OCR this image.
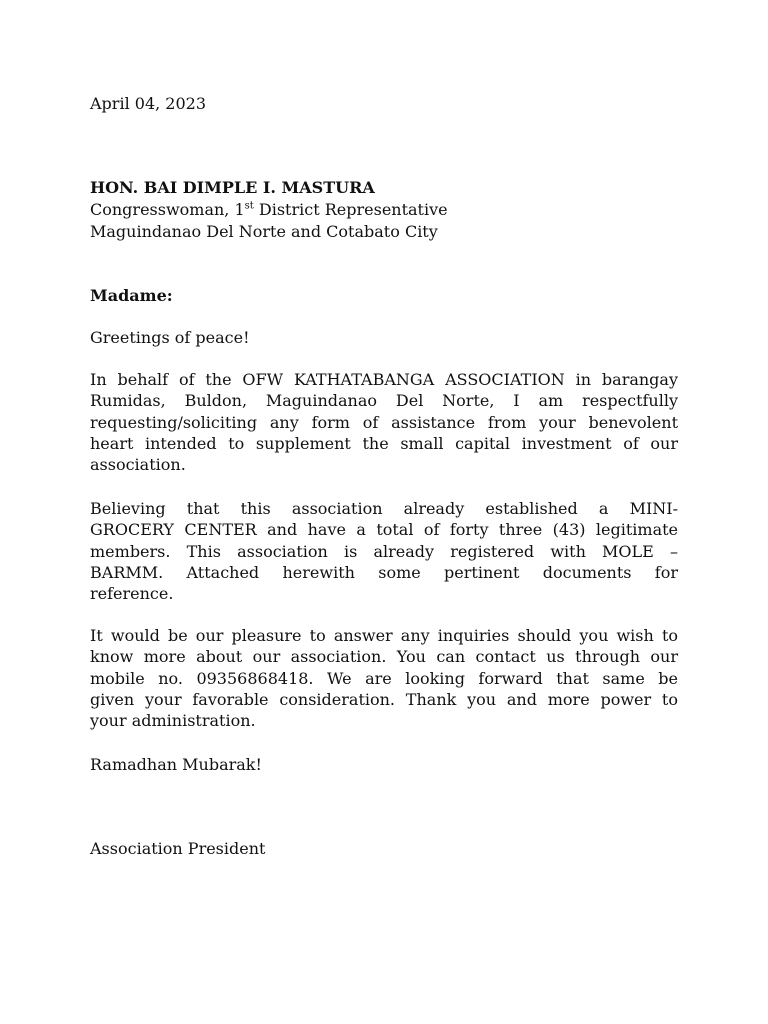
April 04, 2023
HON. BAI DIMPLE I. MASTURA
Congresswoman, 1st District Representative
Maguindanao Del Norte and Cotabato City
Madame:
Greetings of peace!
In behalf of the OFW KATHATABANGA ASSOCIATION in barangay
Rumidas, Buldon, Maguindanao Del Norte, I am respectfully
requesting/soliciting any form of assistance from your benevolent
heart intended to supplement the small capital investment of our
association.
Believing that this association already established a MINI-
GROCERY CENTER and have a total of forty three (43) legitimate
members. This association is already registered with MOLE –
BARMM. Attached herewith some pertinent documents for
reference.
It would be our pleasure to answer any inquiries should you wish to
know more about our association. You can contact us through our
mobile no. 09356868418. We are looking forward that same be
given your favorable consideration. Thank you and more power to
your administration.
Ramadhan Mubarak!
Association President
